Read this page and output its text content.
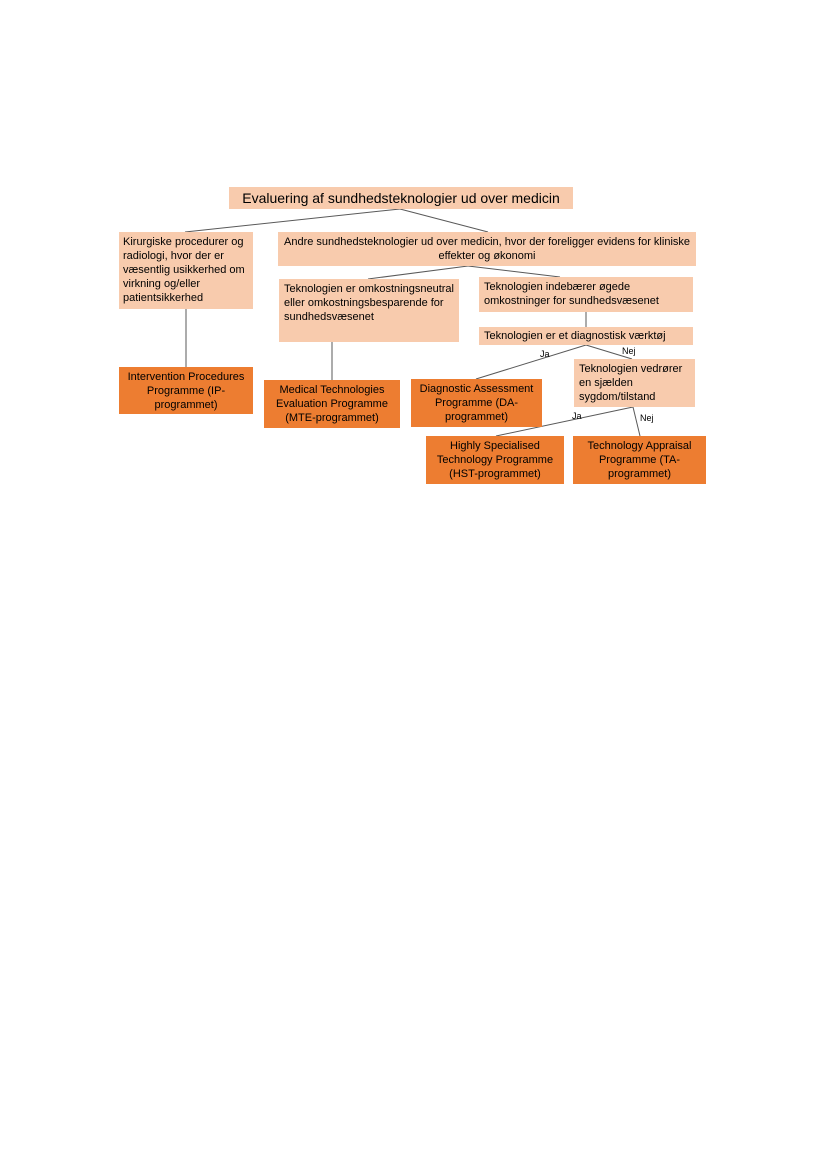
Evaluering af sundhedsteknologier ud over medicin
Kirurgiske procedurer og radiologi, hvor der er væsentlig usikkerhed om virkning og/eller patientsikkerhed
Andre sundhedsteknologier ud over medicin, hvor der foreligger evidens for kliniske effekter og økonomi
Teknologien er omkostningsneutral eller omkostningsbesparende for sundhedsvæsenet
Teknologien indebærer øgede omkostninger for sundhedsvæsenet
Teknologien er et diagnostisk værktøj
Teknologien vedrører en sjælden sygdom/tilstand
Intervention Procedures Programme (IP-programmet)
Medical Technologies Evaluation Programme (MTE-programmet)
Diagnostic Assessment Programme (DA-programmet)
Highly Specialised Technology Programme (HST-programmet)
Technology Appraisal Programme (TA-programmet)
Ja	Nej
Ja	Nej
